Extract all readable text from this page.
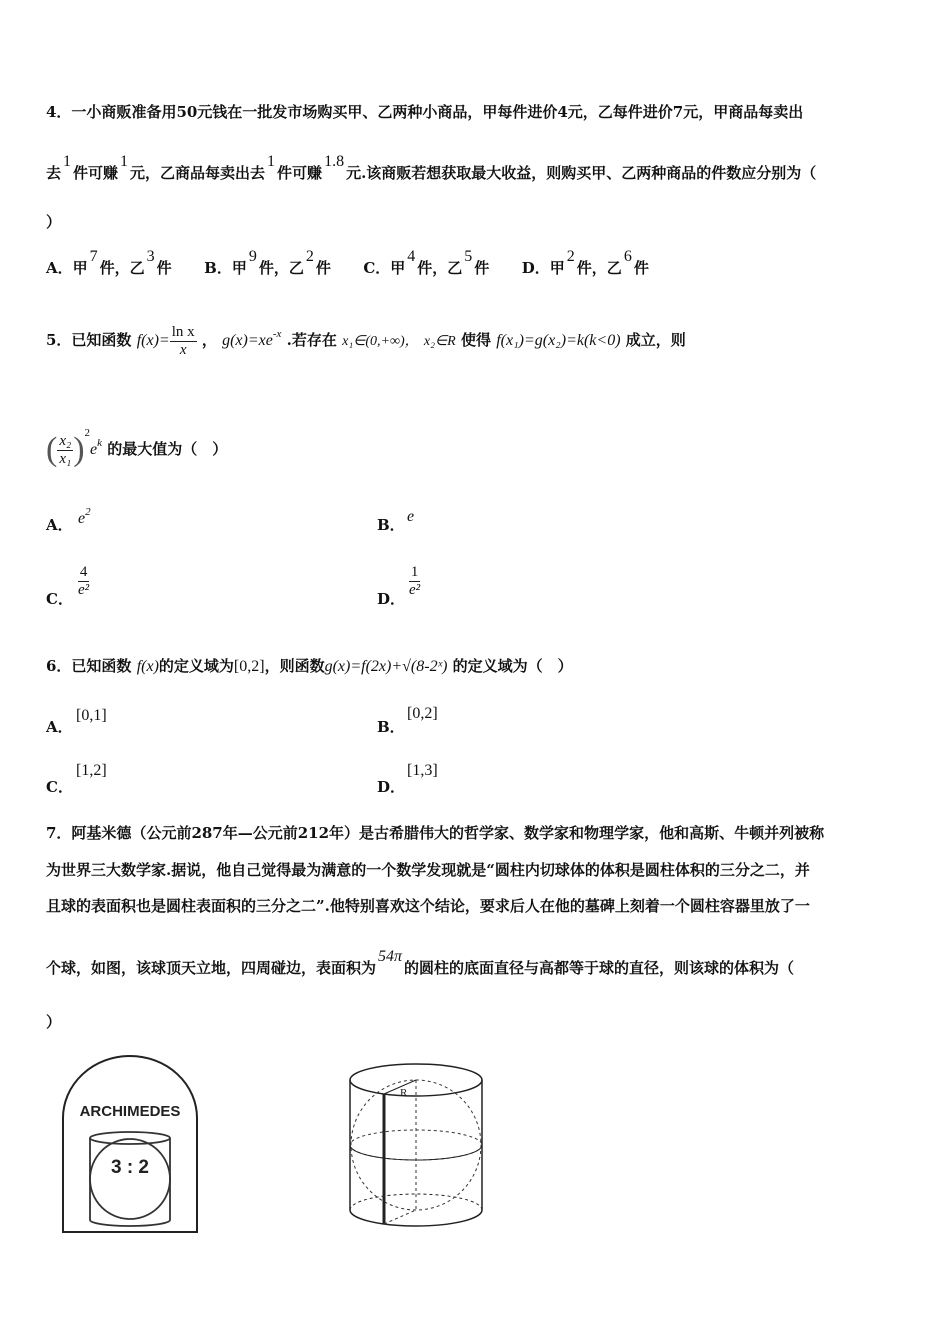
4．一小商贩准备用50元钱在一批发市场购买甲、乙两种小商品，甲每件进价4元，乙每件进价7元，甲商品每卖出
去1件可赚1元，乙商品每卖出去1件可赚1.8元.该商贩若想获取最大收益，则购买甲、乙两种商品的件数应分别为（
）
A．甲7件，乙3件 B．甲9件，乙2件 C．甲4件，乙5件 D．甲2件，乙6件
5．已知函数 $f(x)= \frac{\text{ln x}}{x}$ ， $g(x)=xe^{-x}$ .若存在 x₁∈(0,+∞)， x₂∈R 使得 f(x₁)=g(x₂)=k(k<0) 成立，则
( $\frac{\text{x₂}}{\text{x₁}} )^2e^k$ 的最大值为（　）
A． $e^2$
B． e
C． $\frac{4}{\text{e²}}$	D． $\frac{1}{\text{e²}}$
6．已知函数 f(x)的定义域为[0,2]，则函数g(x)=f(2x)+√(8-2ˣ) 的定义域为（　）
A．
[0,1]
B．
[0,2]
C．
[1,2]
D．
[1,3]
7．阿基米德（公元前287年—公元前212年）是古希腊伟大的哲学家、数学家和物理学家，他和高斯、牛顿并列被称
为世界三大数学家.据说，他自己觉得最为满意的一个数学发现就是“圆柱内切球体的体积是圆柱体积的三分之二，并
且球的表面积也是圆柱表面积的三分之二”.他特别喜欢这个结论，要求后人在他的墓碑上刻着一个圆柱容器里放了一
个球，如图，该球顶天立地，四周碰边，表面积为54π的圆柱的底面直径与高都等于球的直径，则该球的体积为（
）
ARCHIMEDES
3 : 2
R
